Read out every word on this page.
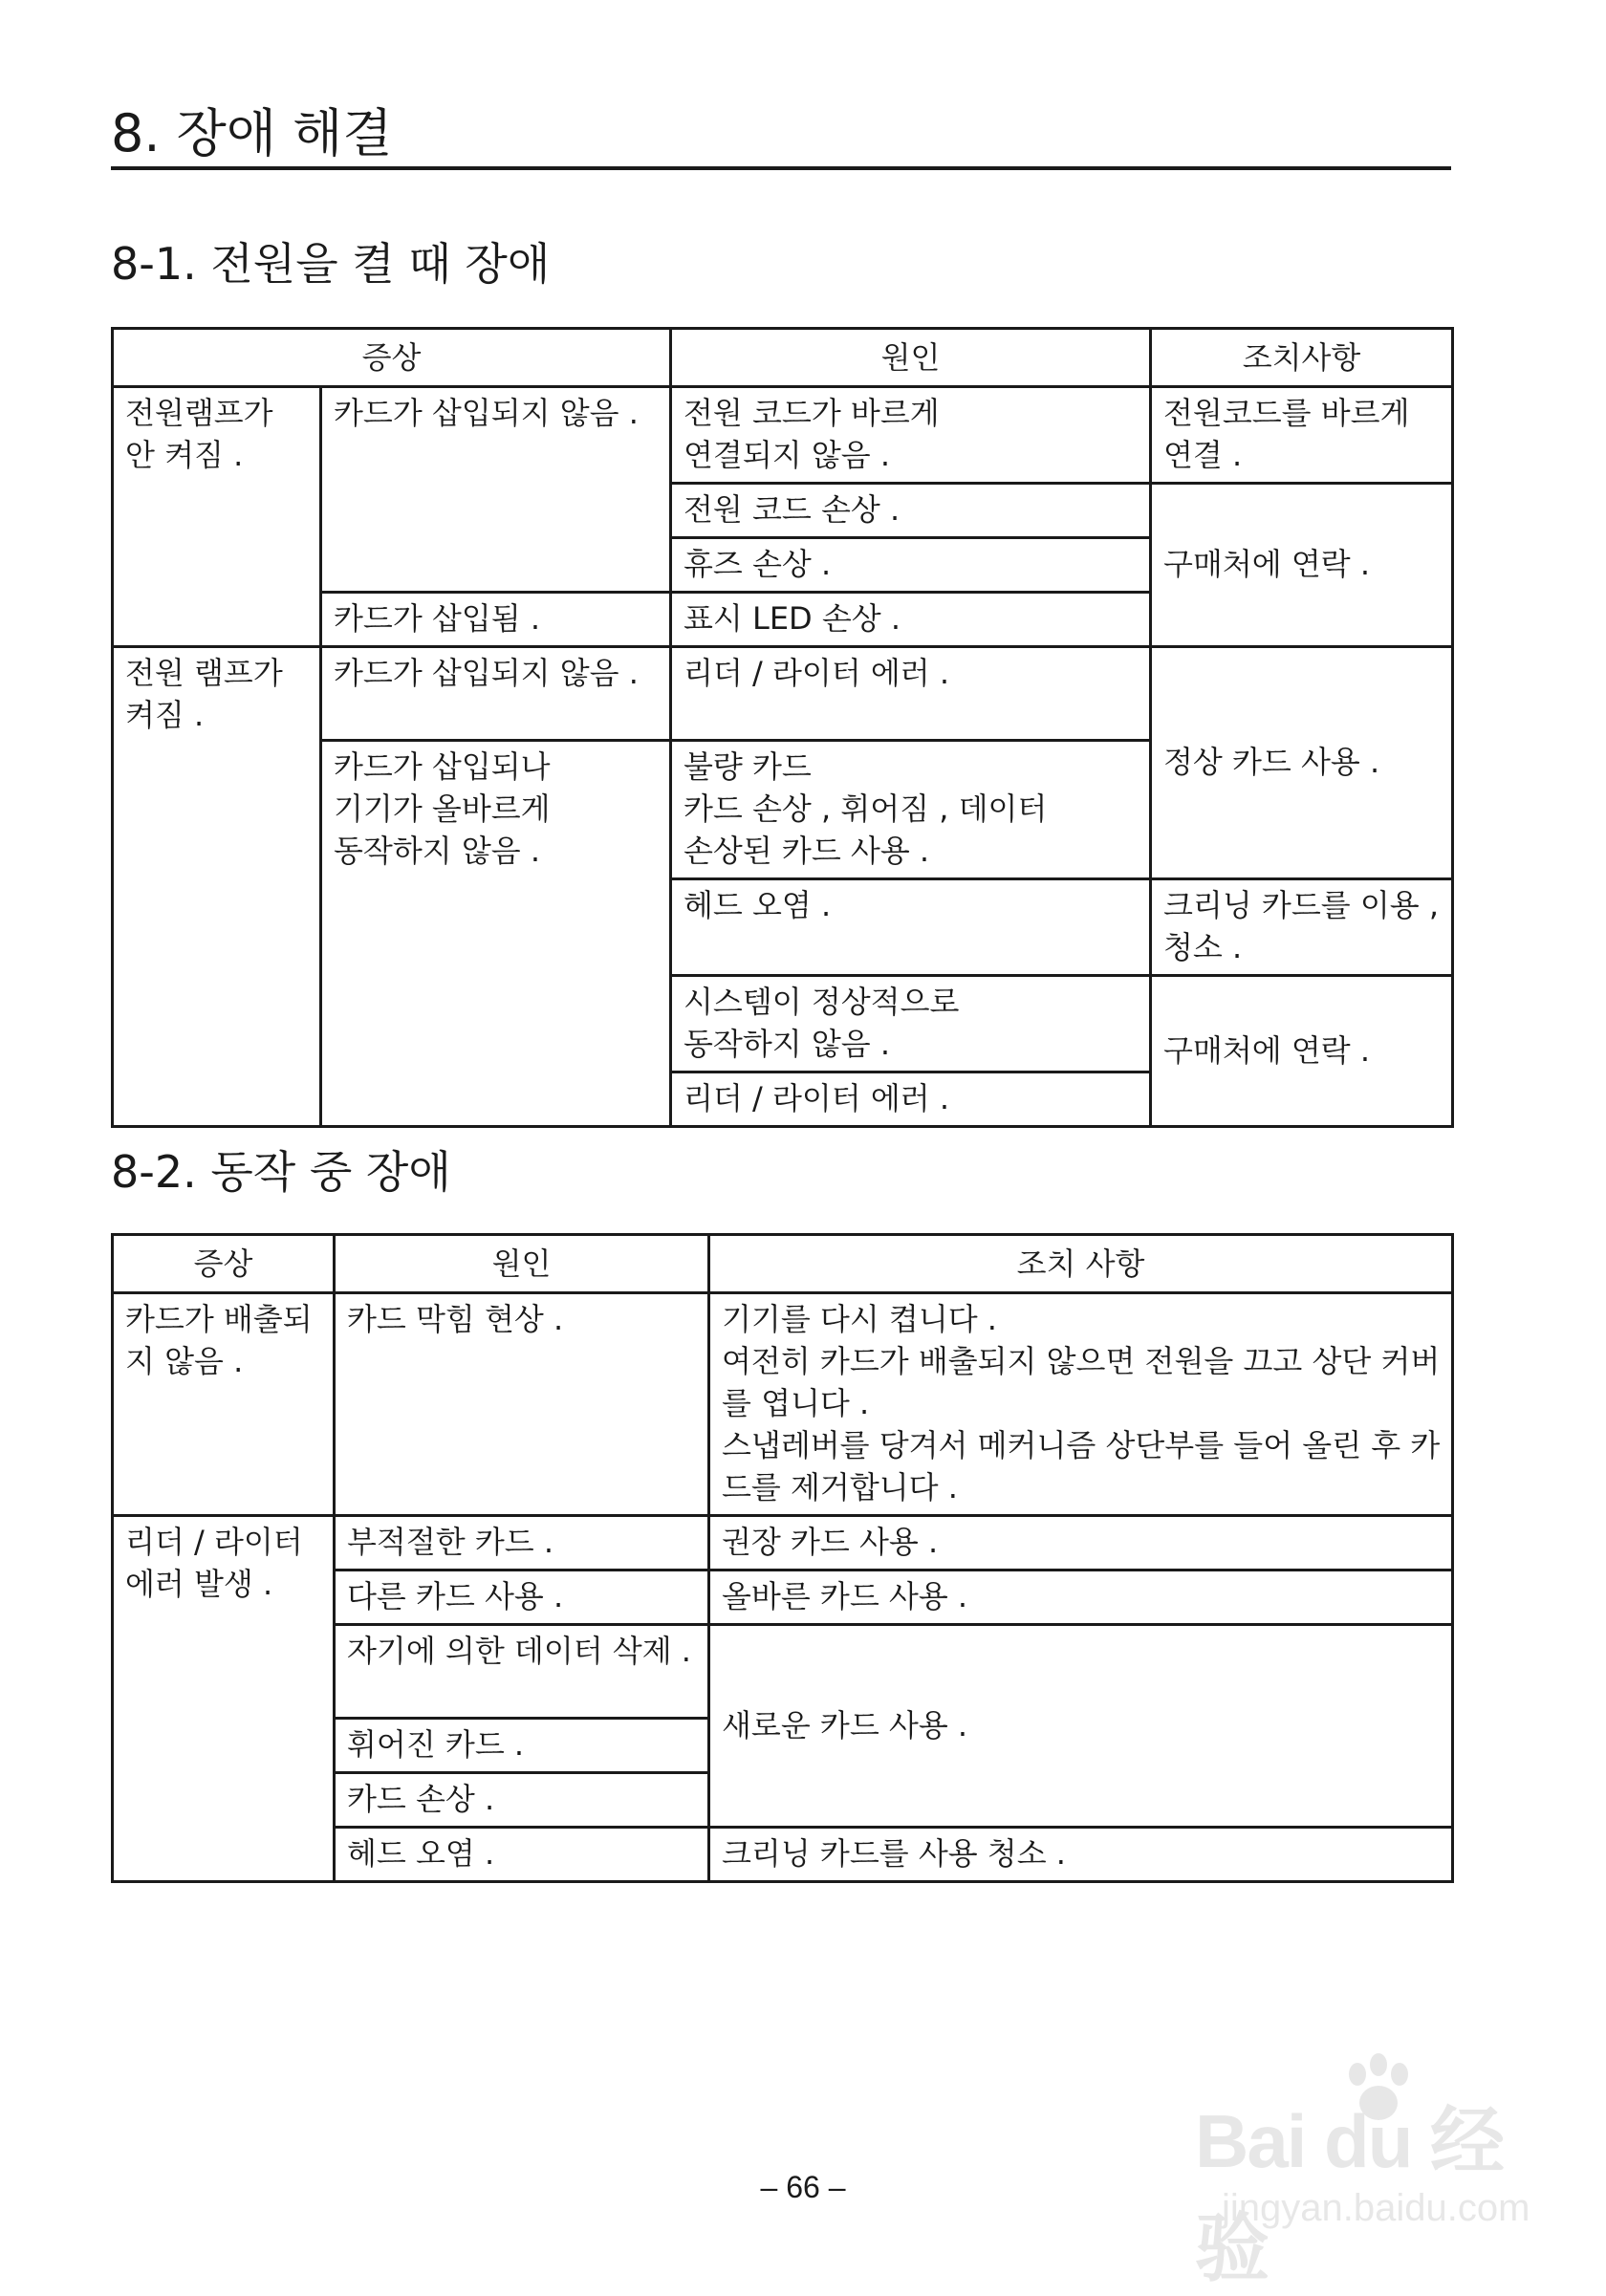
8. 장애 해결
8-1. 전원을 켤 때 장애
증상		원인	조치사항
전원램프가 안 켜짐 .	카드가 삽입되지 않음 .	전원 코드가 바르게
연결되지 않음 .	전원코드를 바르게 연결 .
		전원 코드 손상 .	구매처에 연락 .
		휴즈 손상 .	
	카드가 삽입됨 .	표시 LED 손상 .	
전원 램프가 켜짐 .	카드가 삽입되지 않음 .	리더 / 라이터 에러 .	정상 카드 사용 .
	카드가 삽입되나
기기가 올바르게
동작하지 않음 .	불량 카드
카드 손상 , 휘어짐 , 데이터
손상된 카드 사용 .	
		헤드 오염 .	크리닝 카드를 이용 , 청소 .
		시스템이 정상적으로
동작하지 않음 .	구매처에 연락 .
		리더 / 라이터 에러 .	
8-2. 동작 중 장애
증상	원인	조치 사항
카드가 배출되지 않음 .	카드 막힘 현상 .	기기를 다시 켭니다 .
여전히 카드가 배출되지 않으면 전원을 끄고 상단 커버를 엽니다 .
스냅레버를 당겨서 메커니즘 상단부를 들어 올린 후 카드를 제거합니다 .
리더 / 라이터 에러 발생 .	부적절한 카드 .	권장 카드 사용 .
	다른 카드 사용 .	올바른 카드 사용 .
	자기에 의한 데이터 삭제 .	새로운 카드 사용 .
	휘어진 카드 .	
	카드 손상 .	
	헤드 오염 .	크리닝 카드를 사용 청소 .
– 66 –
Bai du 经验
jingyan.baidu.com
